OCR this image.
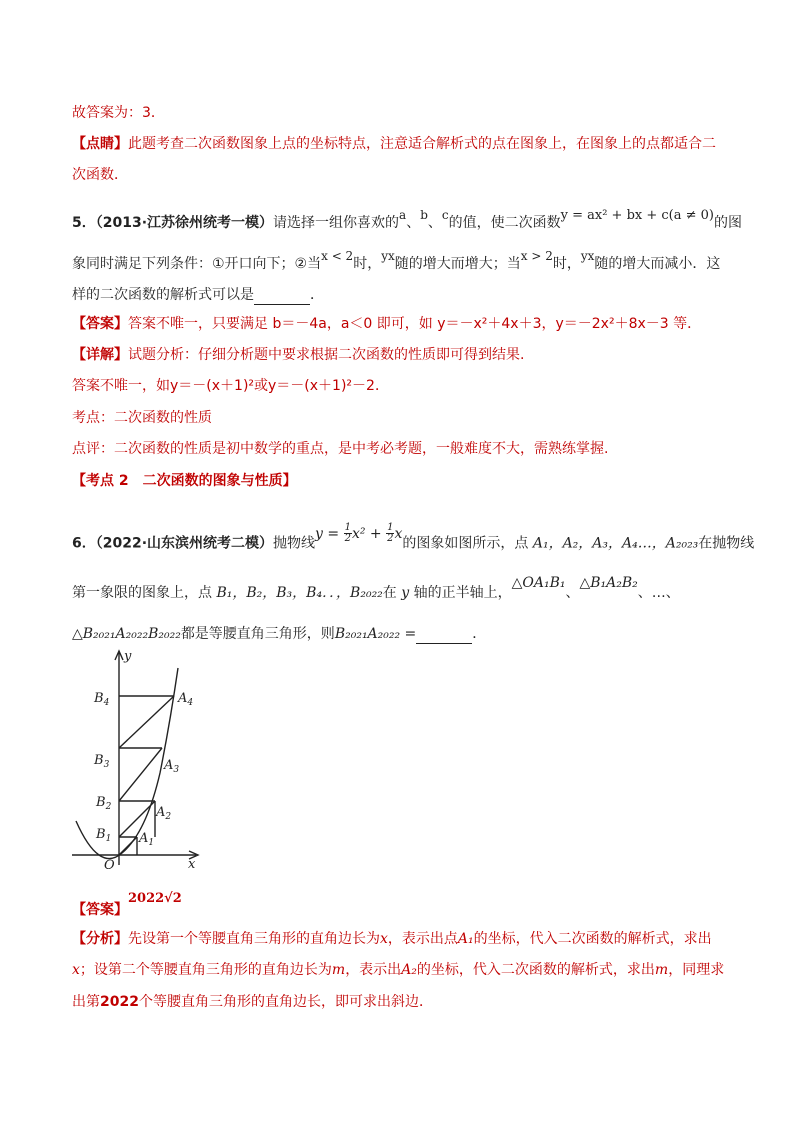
故答案为：3．
【点睛】此题考查二次函数图象上点的坐标特点，注意适合解析式的点在图象上，在图象上的点都适合二
次函数．
5．（2013·江苏徐州统考一模）请选择一组你喜欢的a、b、c的值，使二次函数y = ax² + bx + c(a ≠ 0)的图
象同时满足下列条件：①开口向下；②当x < 2时，yx随的增大而增大；当x > 2时，yx随的增大而减小．这
样的二次函数的解析式可以是	．
【答案】答案不唯一，只要满足 b＝－4a，a＜0 即可，如 y＝－x²＋4x＋3，y＝－2x²＋8x－3 等．
【详解】试题分析：仔细分析题中要求根据二次函数的性质即可得到结果.
答案不唯一，如y＝－(x＋1)²或y＝－(x＋1)²－2．
考点：二次函数的性质
点评：二次函数的性质是初中数学的重点，是中考必考题，一般难度不大，需熟练掌握.
【考点 2　二次函数的图象与性质】
6．（2022·山东滨州统考二模）抛物线$y = \frac{1}{2} x^2 + \frac{1}{2}$ x的图象如图所示，点 A₁，A₂，A₃，A₄…，A₂₀₂₃在抛物线
第一象限的图象上，点 B₁，B₂，B₃，B₄．．，B₂₀₂₂在 y 轴的正半轴上，△OA₁B₁、△B₁A₂B₂、…、
△B₂₀₂₁A₂₀₂₂B₂₀₂₂都是等腰直角三角形，则B₂₀₂₁A₂₀₂₂ =	．
y
x
$B_4$	$A_4$
$B_3$	$A_3$
$B_2$	$A_2$
$B_1$ $A_1$
O
【答案】2022√2
【分析】先设第一个等腰直角三角形的直角边长为x，表示出点A₁的坐标，代入二次函数的解析式，求出
x；设第二个等腰直角三角形的直角边长为m，表示出A₂的坐标，代入二次函数的解析式，求出m，同理求
出第2022个等腰直角三角形的直角边长，即可求出斜边．
